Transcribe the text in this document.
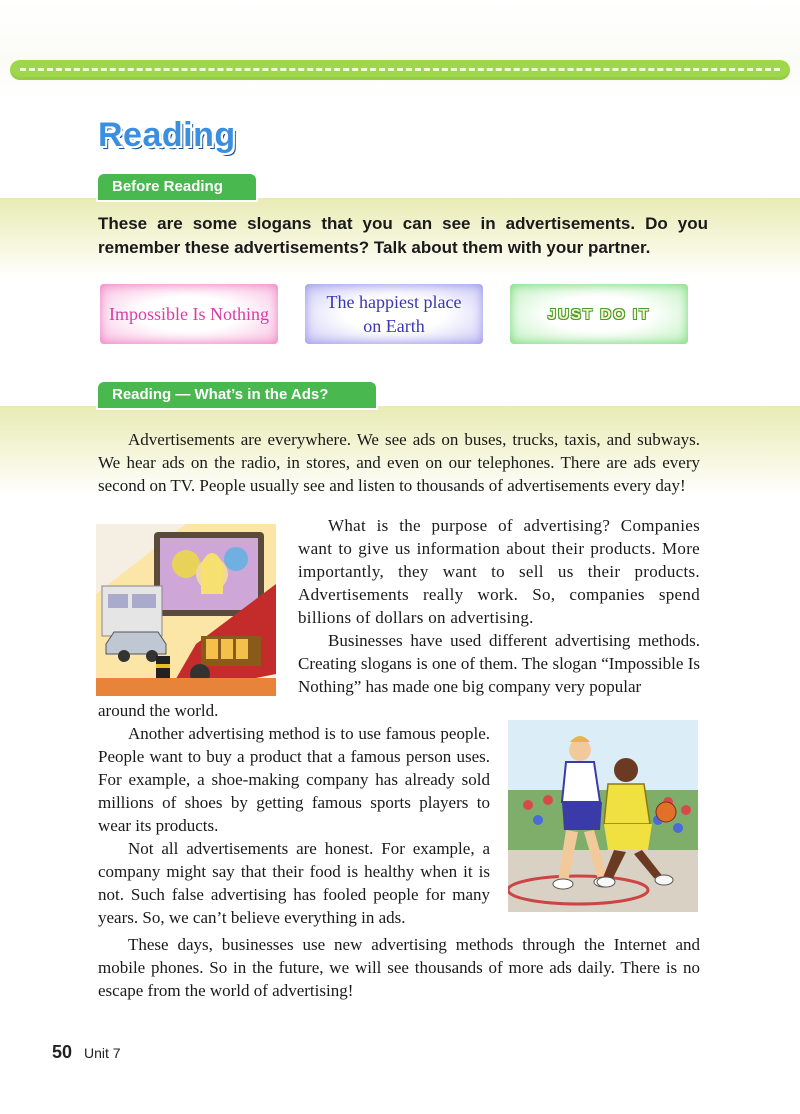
Reading
Before Reading
These are some slogans that you can see in advertisements. Do you remember these advertisements? Talk about them with your partner.
Impossible Is Nothing
The happiest place
on Earth
JUST DO IT
Reading — What’s in the Ads?

Advertisements are everywhere. We see ads on buses, trucks, taxis, and subways. We hear ads on the radio, in stores, and even on our telephones. There are ads every second on TV. People usually see and listen to thousands of advertisements every day!

What is the purpose of advertising? Companies want to give us information about their products. More importantly, they want to sell us their products. Advertisements really work. So, companies spend billions of dollars on advertising.

Businesses have used different advertising methods. Creating slogans is one of them. The slogan “Impossible Is Nothing” has made one big company very popular

around the world.

Another advertising method is to use famous people. People want to buy a product that a famous person uses. For example, a shoe-making company has already sold millions of shoes by getting famous sports players to wear its products.

Not all advertisements are honest. For example, a company might say that their food is healthy when it is not. Such false advertising has fooled people for many years. So, we can’t believe everything in ads.

These days, businesses use new advertising methods through the Internet and mobile phones. So in the future, we will see thousands of more ads daily. There is no escape from the world of advertising!

50 Unit 7
